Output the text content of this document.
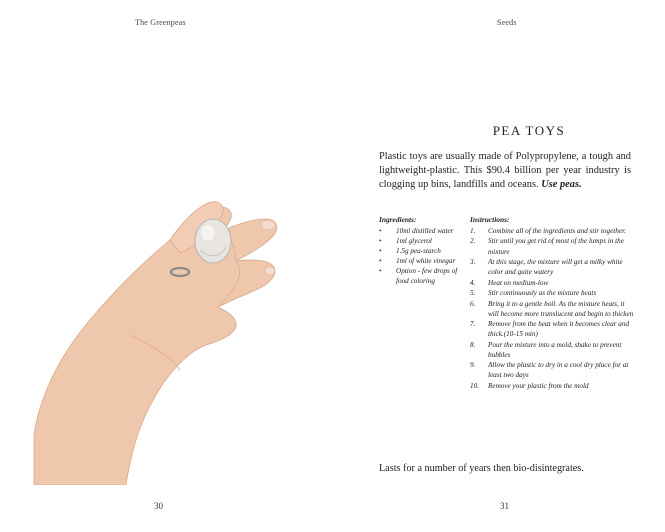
The Greenpeas
30
Seeds
PEA TOYS
Plastic toys are usually made of Polypropylene, a tough and lightweight-plastic. This $90.4 billion per year industry is clogging up bins, landfills and oceans. Use peas.
Ingredients:
• 10ml distilled water
• 1ml glycerol
• 1.5g pea-starch
• 1ml of white vinegar
• Option - few drops of food coloring
Instructions:
1. Combine all of the ingredients and stir together.
2. Stir until you get rid of most of the lumps in the mixture
3. At this stage, the mixture will get a milky white color and quite watery
4. Heat on medium-low
5. Stir continuously as the mixture heats
6. Bring it to a gentle boil. As the mixture heats, it will become more translucent and begin to thicken
7. Remove from the heat when it becomes clear and thick.(10-15 min)
8. Pour the mixture into a mold, shake to prevent bubbles
9. Allow the plastic to dry in a cool dry place for at least two days
10. Remove your plastic from the mold
Lasts for a number of years then bio-disintegrates.
31
